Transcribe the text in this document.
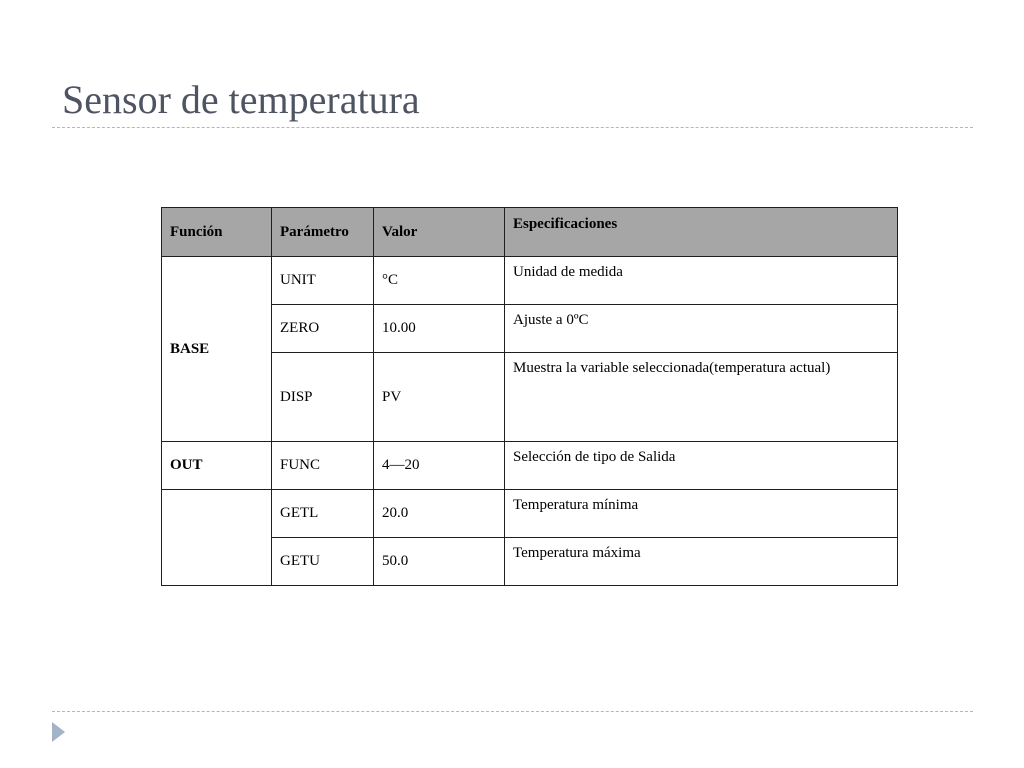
Sensor de temperatura
Función	Parámetro	Valor	Especificaciones
BASE	UNIT	°C	Unidad de medida
	ZERO	10.00	Ajuste a 0ºC
	DISP	PV	Muestra la variable seleccionada(temperatura actual)
OUT	FUNC	4—20	Selección de tipo de Salida
	GETL	20.0	Temperatura mínima
	GETU	50.0	Temperatura máxima
